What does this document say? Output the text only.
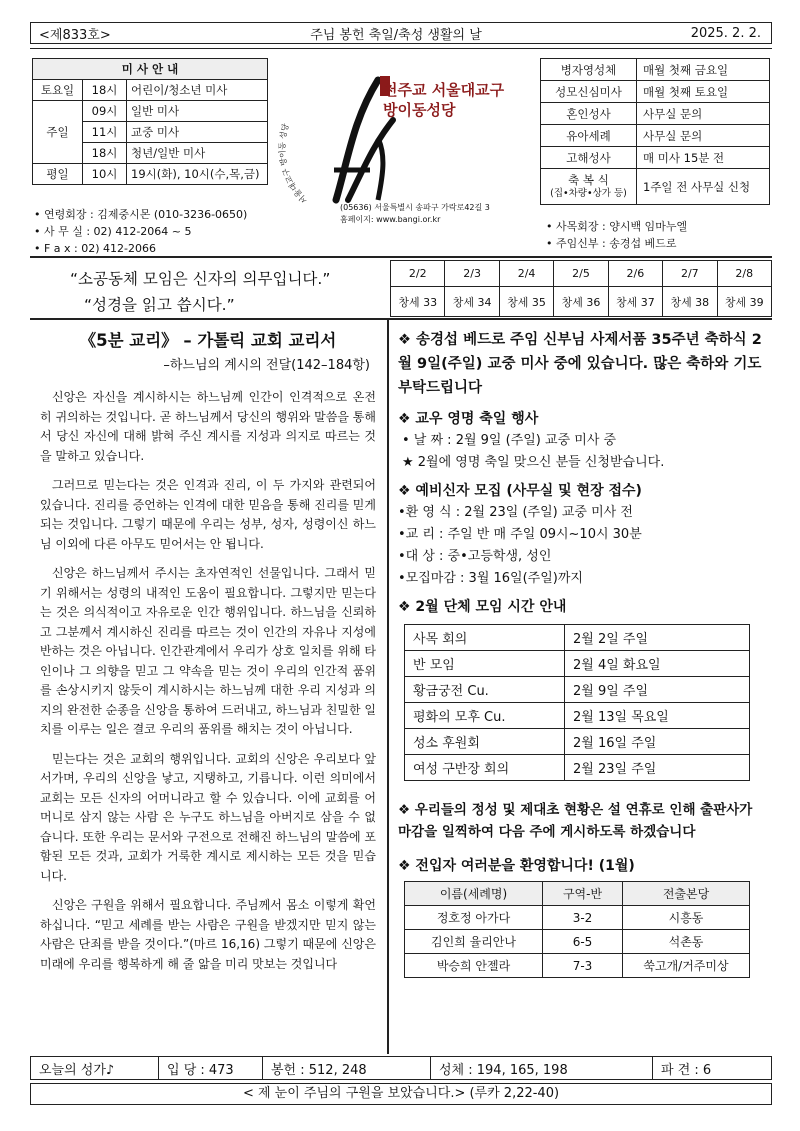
<제833호>	주님 봉헌 축일/축성 생활의 날	2025. 2. 2.
미 사 안 내		
토요일	18시	어린이/청소년 미사
주일	09시	일반 미사
	11시	교중 미사
	18시	청년/일반 미사
평일	10시	19시(화), 10시(수,목,금)
• 연령회장 : 김제중시몬 (010-3236-0650)
• 사 무 실 : 02) 412-2064 ~ 5
• F a x : 02) 412-2066
서울대교구 방이동 성당
천주교 서울대교구
방이동성당
(05636) 서울특별시 송파구 가락로42길 3
홈페이지: www.bangi.or.kr
병자영성체	매월 첫째 금요일
성모신심미사	매월 첫째 토요일
혼인성사	사무실 문의
유아세례	사무실 문의
고해성사	매 미사 15분 전

축 복 식
(집•차량•상가 등)	1주일 전 사무실 신청
• 사목회장 : 양시백 임마누엘
• 주임신부 : 송경섭 베드로
“소공동체 모임은 신자의 의무입니다.”
“성경을 읽고 씁시다.”
2/2	2/3	2/4	2/5	2/6	2/7	2/8
창세 33	창세 34	창세 35	창세 36	창세 37	창세 38	창세 39
《5분 교리》 – 가톨릭 교회 교리서
–하느님의 계시의 전달(142–184항)

신앙은 자신을 계시하시는 하느님께 인간이 인격적으로 온전히 귀의하는 것입니다. 곧 하느님께서 당신의 행위와 말씀을 통해서 당신 자신에 대해 밝혀 주신 계시를 지성과 의지로 따르는 것을 말하고 있습니다.

그러므로 믿는다는 것은 인격과 진리, 이 두 가지와 관련되어 있습니다. 진리를 증언하는 인격에 대한 믿음을 통해 진리를 믿게 되는 것입니다. 그렇기 때문에 우리는 성부, 성자, 성령이신 하느님 이외에 다른 아무도 믿어서는 안 됩니다.

신앙은 하느님께서 주시는 초자연적인 선물입니다. 그래서 믿기 위해서는 성령의 내적인 도움이 필요합니다. 그렇지만 믿는다는 것은 의식적이고 자유로운 인간 행위입니다. 하느님을 신뢰하고 그분께서 계시하신 진리를 따르는 것이 인간의 자유나 지성에 반하는 것은 아닙니다. 인간관계에서 우리가 상호 일치를 위해 타인이나 그 의향을 믿고 그 약속을 믿는 것이 우리의 인간적 품위를 손상시키지 않듯이 계시하시는 하느님께 대한 우리 지성과 의지의 완전한 순종을 신앙을 통하여 드러내고, 하느님과 친밀한 일치를 이루는 일은 결코 우리의 품위를 해치는 것이 아닙니다.

믿는다는 것은 교회의 행위입니다. 교회의 신앙은 우리보다 앞서가며, 우리의 신앙을 낳고, 지탱하고, 기릅니다. 이런 의미에서 교회는 모든 신자의 어머니라고 할 수 있습니다. 이에 교회를 어머니로 삼지 않는 사람 은 누구도 하느님을 아버지로 삼을 수 없습니다. 또한 우리는 문서와 구전으로 전해진 하느님의 말씀에 포함된 모든 것과, 교회가 거룩한 계시로 제시하는 모든 것을 믿습니다.

신앙은 구원을 위해서 필요합니다. 주님께서 몸소 이렇게 확언하십니다. “믿고 세례를 받는 사람은 구원을 받겠지만 믿지 않는 사람은 단죄를 받을 것이다.”(마르 16,16) 그렇기 때문에 신앙은 미래에 우리를 행복하게 해 줄 앎을 미리 맛보는 것입니다

❖ 송경섭 베드로 주임 신부님 사제서품 35주년 축하식 2월 9일(주일) 교중 미사 중에 있습니다. 많은 축하와 기도 부탁드립니다
❖ 교우 영명 축일 행사
• 날 짜 : 2월 9일 (주일) 교중 미사 중
★ 2월에 영명 축일 맞으신 분들 신청받습니다.
❖ 예비신자 모집 (사무실 및 현장 접수)
•환 영 식 : 2월 23일 (주일) 교중 미사 전
•교 리 : 주일 반 매 주일 09시~10시 30분
•대 상 : 중•고등학생, 성인
•모집마감 : 3월 16일(주일)까지
❖ 2월 단체 모임 시간 안내
사목 회의	2월 2일 주일
반 모임	2월 4일 화요일
황금궁전 Cu.	2월 9일 주일
평화의 모후 Cu.	2월 13일 목요일
성소 후원회	2월 16일 주일
여성 구반장 회의	2월 23일 주일
❖ 우리들의 정성 및 제대초 현황은 설 연휴로 인해 출판사가 마감을 일찍하여 다음 주에 게시하도록 하겠습니다
❖ 전입자 여러분을 환영합니다! (1월)
이름(세례명)	구역-반	전출본당
정호정 아가다	3-2	시흥동
김인희 율리안나	6-5	석촌동
박승희 안젤라	7-3	쑥고개/거주미상
오늘의 성가♪	입 당 : 473	봉헌 : 512, 248	성체 : 194, 165, 198	파 견 : 6
< 제 눈이 주님의 구원을 보았습니다.> (루카 2,22-40)
